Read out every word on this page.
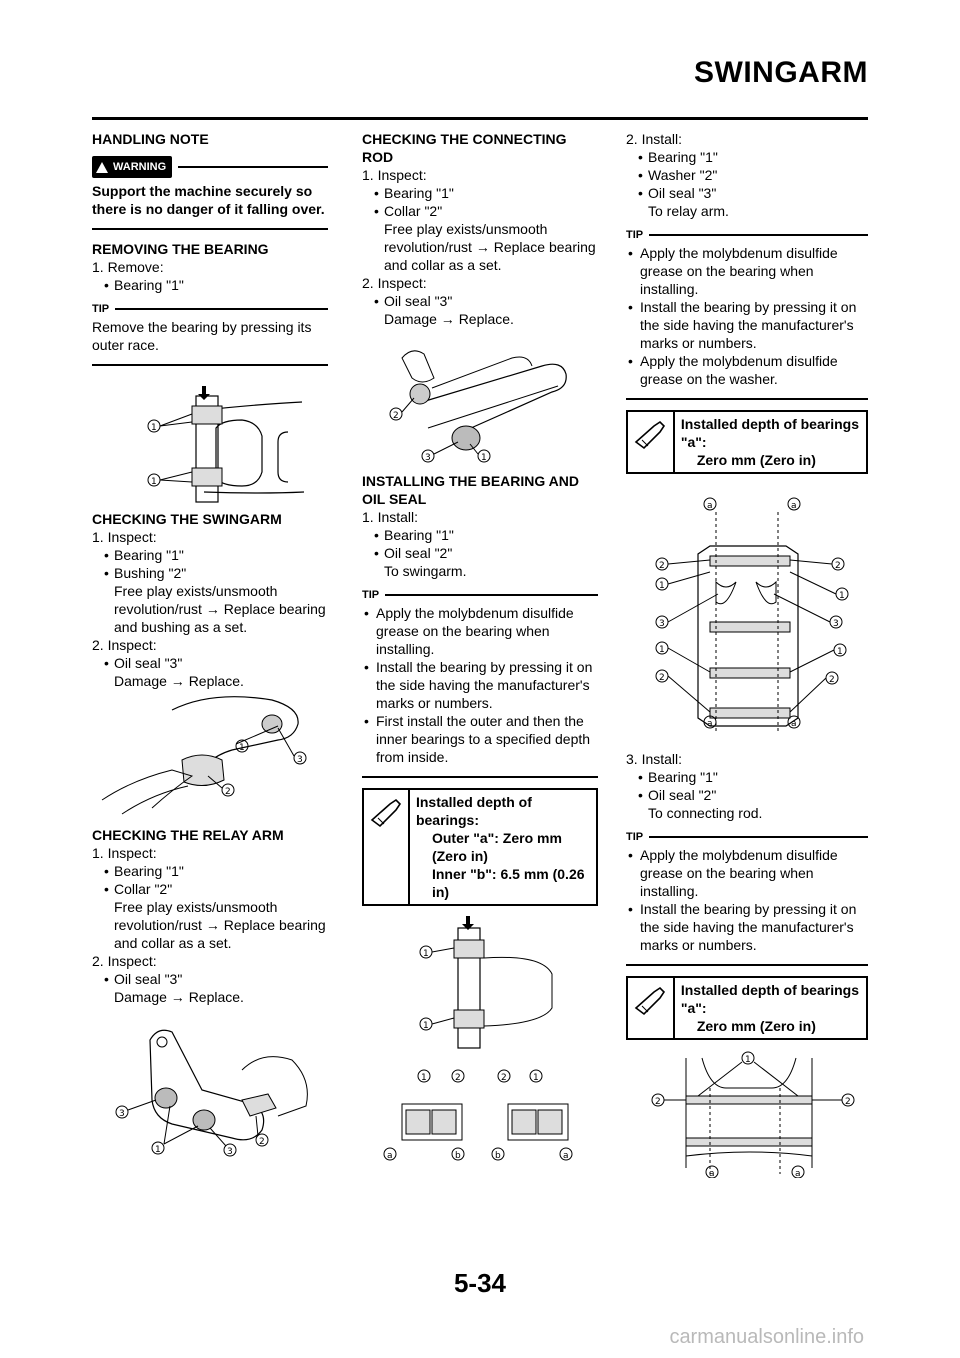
SWINGARM

HANDLING NOTE

WARNING

Support the machine securely so there is no danger of it falling over.

REMOVING THE BEARING

1. Remove:

• Bearing "1"

TIP

Remove the bearing by pressing its outer race.

1
1

CHECKING THE SWINGARM

1. Inspect:

• Bearing "1"

• Bushing "2"

Free play exists/unsmooth revolution/rust → Replace bearing and bushing as a set.

2. Inspect:

• Oil seal "3"

Damage → Replace.

1
3
2

CHECKING THE RELAY ARM

1. Inspect:

• Bearing "1"

• Collar "2"

Free play exists/unsmooth revolution/rust → Replace bearing and collar as a set.

2. Inspect:

• Oil seal "3"

Damage → Replace.

3
1	3
2

CHECKING THE CONNECTING ROD

1. Inspect:

• Bearing "1"

• Collar "2"

Free play exists/unsmooth revolution/rust → Replace bearing and collar as a set.

2. Inspect:

• Oil seal "3"

Damage → Replace.

2
3	1

INSTALLING THE BEARING AND OIL SEAL

1. Install:

• Bearing "1"

• Oil seal "2"

To swingarm.

TIP

• Apply the molybdenum disulfide grease on the bearing when installing.

• Install the bearing by pressing it on the side having the manufacturer's marks or numbers.

• First install the outer and then the inner bearings to a specified depth from inside.

Installed depth of bearings:
Outer "a": Zero mm (Zero in)
Inner "b": 6.5 mm (0.26 in)
1
1
1	2	2	1
a	b	b	a

2. Install:

• Bearing "1"

• Washer "2"

• Oil seal "3"

To relay arm.

TIP

• Apply the molybdenum disulfide grease on the bearing when installing.

• Install the bearing by pressing it on the side having the manufacturer's marks or numbers.

• Apply the molybdenum disulfide grease on the washer.

Installed depth of bearings "a":
Zero mm (Zero in)
a	a
2
1
3
1
2
2
1
3
1
2
a	a

3. Install:

• Bearing "1"

• Oil seal "2"

To connecting rod.

TIP

• Apply the molybdenum disulfide grease on the bearing when installing.

• Install the bearing by pressing it on the side having the manufacturer's marks or numbers.

Installed depth of bearings "a":
Zero mm (Zero in)
1
2	2
a	a
5-34
carmanualsonline.info
